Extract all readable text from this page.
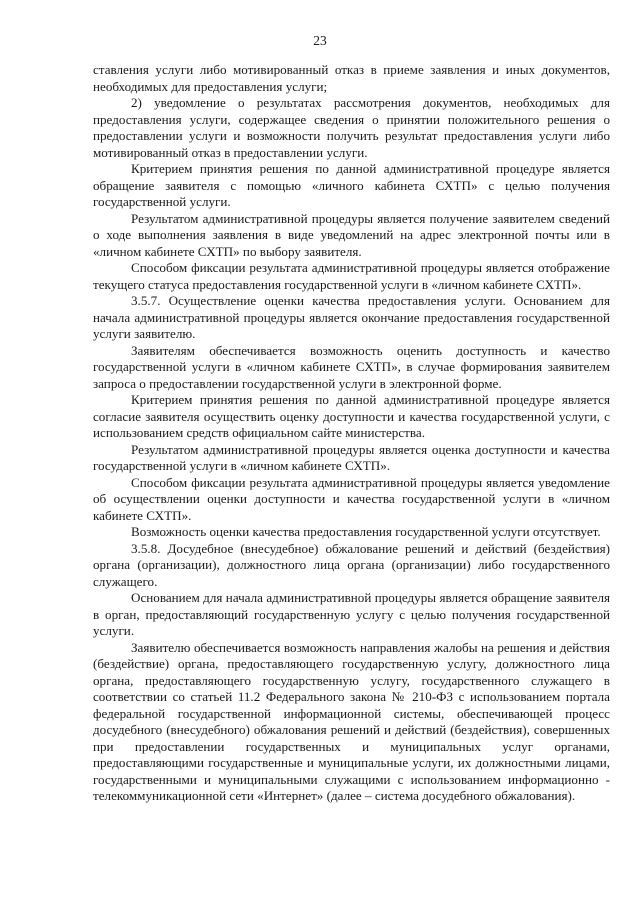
23

ставления услуги либо мотивированный отказ в приеме заявления и иных документов, необходимых для предоставления услуги;

2) уведомление о результатах рассмотрения документов, необходимых для предоставления услуги, содержащее сведения о принятии положительного решения о предоставлении услуги и возможности получить результат предоставления услуги либо мотивированный отказ в предоставлении услуги.

Критерием принятия решения по данной административной процедуре является обращение заявителя с помощью «личного кабинета СХТП» с целью получения государственной услуги.

Результатом административной процедуры является получение заявителем сведений о ходе выполнения заявления в виде уведомлений на адрес электронной почты или в «личном кабинете СХТП» по выбору заявителя.

Способом фиксации результата административной процедуры является отображение текущего статуса предоставления государственной услуги в «личном кабинете СХТП».

3.5.7. Осуществление оценки качества предоставления услуги. Основанием для начала административной процедуры является окончание предоставления государственной услуги заявителю.

Заявителям обеспечивается возможность оценить доступность и качество государственной услуги в «личном кабинете СХТП», в случае формирования заявителем запроса о предоставлении государственной услуги в электронной форме.

Критерием принятия решения по данной административной процедуре является согласие заявителя осуществить оценку доступности и качества государственной услуги, с использованием средств официальном сайте министерства.

Результатом административной процедуры является оценка доступности и качества государственной услуги в «личном кабинете СХТП».

Способом фиксации результата административной процедуры является уведомление об осуществлении оценки доступности и качества государственной услуги в «личном кабинете СХТП».

Возможность оценки качества предоставления государственной услуги отсутствует.

3.5.8. Досудебное (внесудебное) обжалование решений и действий (бездействия) органа (организации), должностного лица органа (организации) либо государственного служащего.

Основанием для начала административной процедуры является обращение заявителя в орган, предоставляющий государственную услугу с целью получения государственной услуги.

Заявителю обеспечивается возможность направления жалобы на решения и действия (бездействие) органа, предоставляющего государственную услугу, должностного лица органа, предоставляющего государственную услугу, государственного служащего в соответствии со статьей 11.2 Федерального закона № 210-ФЗ с использованием портала федеральной государственной информационной системы, обеспечивающей процесс досудебного (внесудебного) обжалования решений и действий (бездействия), совершенных при предоставлении государственных и муниципальных услуг органами, предоставляющими государственные и муниципальные услуги, их должностными лицами, государственными и муниципальными служащими с использованием информационно - телекоммуникационной сети «Интернет» (далее – система досудебного обжалования).
